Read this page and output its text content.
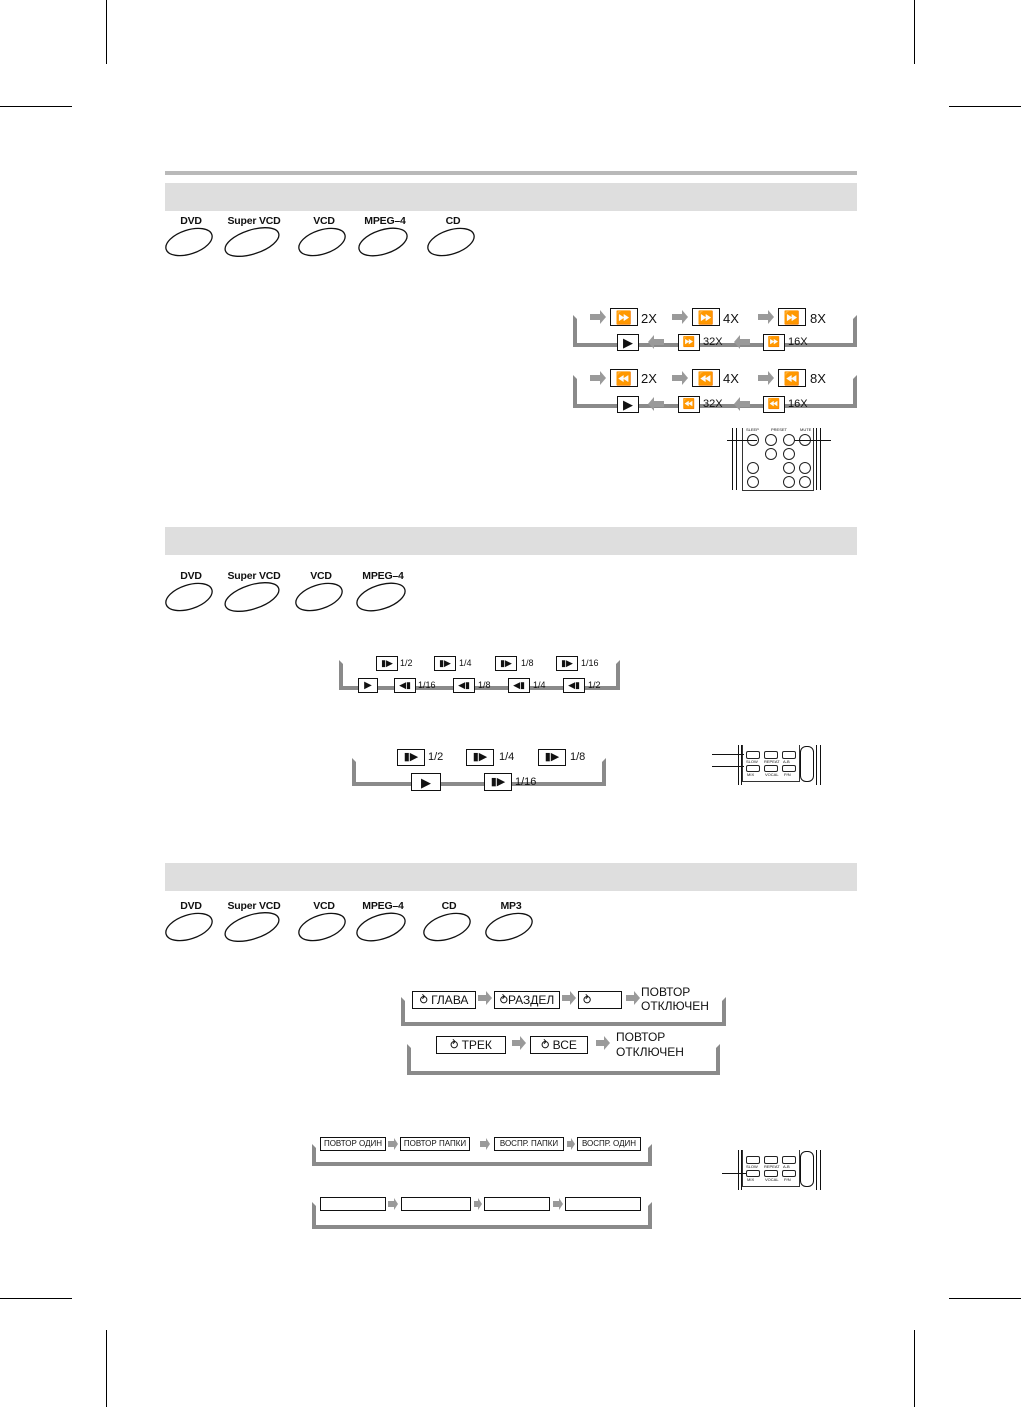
DVD	Super VCD	VCD	MPEG–4	CD
⏩ 2X	⏩ 4X	⏩ 8X
▶	⏩ 32X	⏩ 16X
⏪ 2X	⏪ 4X	⏪ 8X
▶	⏪ 32X	⏪ 16X
SLEEP	PRESET	MUTE
DVD	Super VCD	VCD	MPEG–4
▮▶ 1/2	▮▶ 1/4	▮▶	1/8	▮▶ 1/16
▶	◀▮ 1/16	◀▮ 1/8	◀▮ 1/4	◀▮ 1/2
▮▶ 1/2	▮▶	1/4	▮▶ 1/8
▶	▮▶ 1/16
SLOW REPEAT A-B
MIX	VOCAL P/N
DVD	Super VCD	VCD	MPEG–4	CD	MP3
⥁ ГЛАВА	⥁ РАЗДЕЛ ⥁
ПОВТОР
ОТКЛЮЧЕН
⥁ ТРЕК	⥁ ВСЕ
ПОВТОР
ОТКЛЮЧЕН
ПОВТОР ОДИН	ПОВТОР ПАПКИ	ВОСПР. ПАПКИ	ВОСПР. ОДИН
SLOW REPEAT A-B
MIX	VOCAL P/N
